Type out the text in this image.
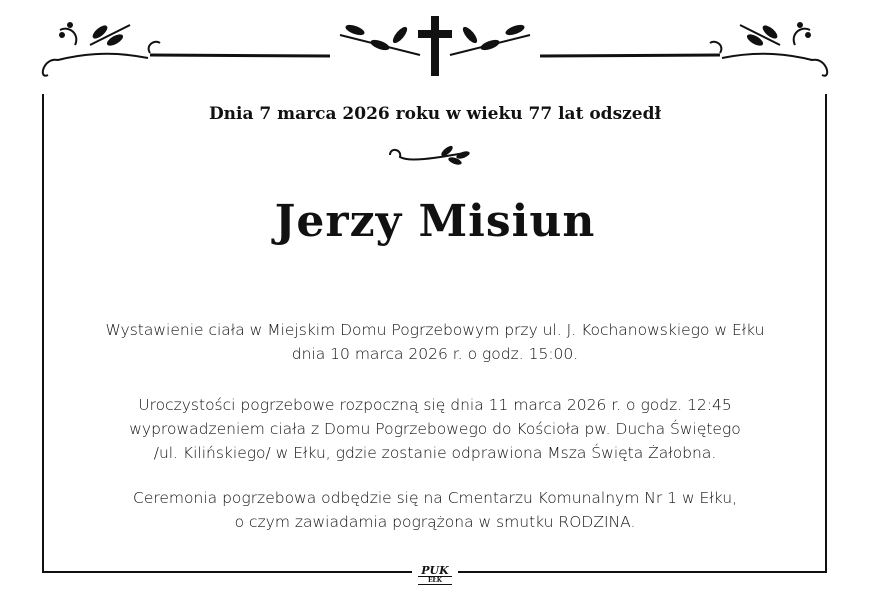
Dnia 7 marca 2026 roku w wieku 77 lat odszedł
Jerzy Misiun
Wystawienie ciała w Miejskim Domu Pogrzebowym przy ul. J. Kochanowskiego w Ełku
dnia 10 marca 2026 r. o godz. 15:00.
Uroczystości pogrzebowe rozpoczną się dnia 11 marca 2026 r. o godz. 12:45
wyprowadzeniem ciała z Domu Pogrzebowego do Kościoła pw. Ducha Świętego
/ul. Kilińskiego/ w Ełku, gdzie zostanie odprawiona Msza Święta Żałobna.
Ceremonia pogrzebowa odbędzie się na Cmentarzu Komunalnym Nr 1 w Ełku,
o czym zawiadamia pogrążona w smutku RODZINA.
PUK
EŁK
